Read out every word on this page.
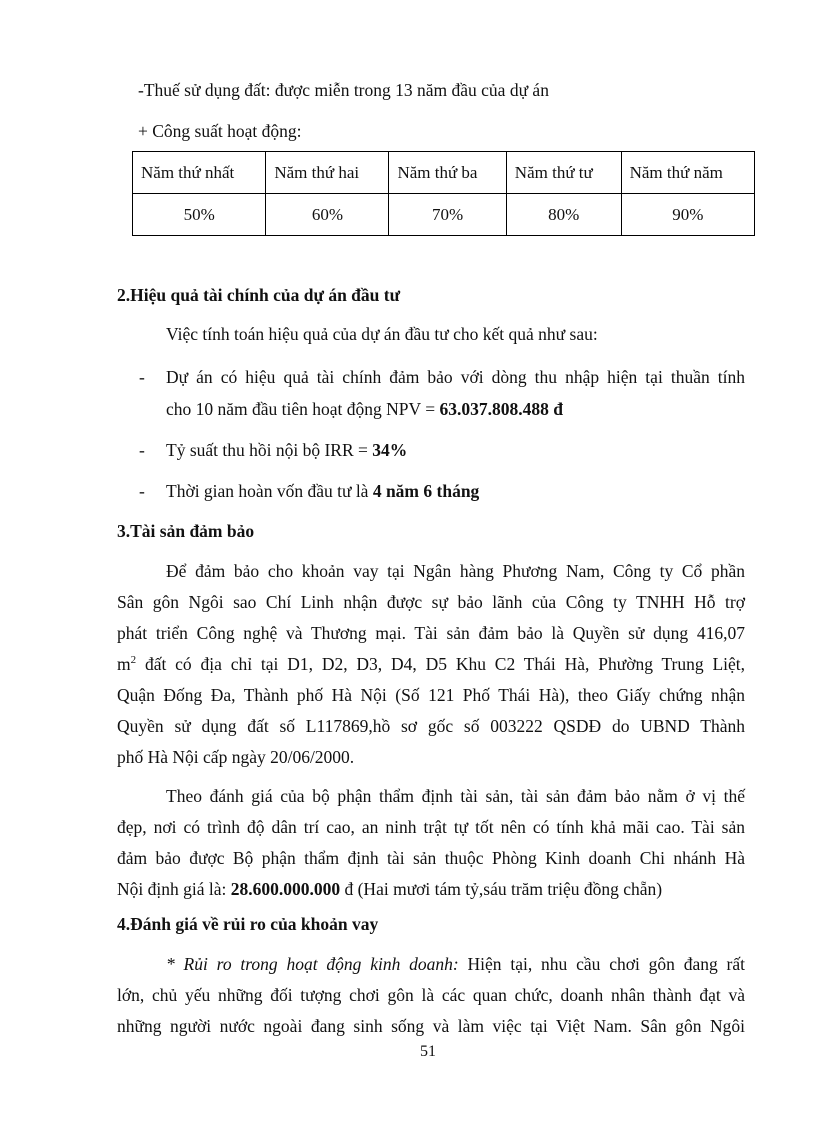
-Thuế sử dụng đất: được miễn trong 13 năm đầu của dự án
+ Công suất hoạt động:
Năm thứ nhất	Năm thứ hai	Năm thứ ba	Năm thứ tư	Năm thứ năm
50%	60%	70%	80%	90%
2.Hiệu quả tài chính của dự án đầu tư
Việc tính toán hiệu quả của dự án đầu tư cho kết quả như sau:
- Dự án có hiệu quả tài chính đảm bảo với dòng thu nhập hiện tại thuần tính
cho 10 năm đầu tiên hoạt động NPV = 63.037.808.488 đ
- Tỷ suất thu hồi nội bộ IRR = 34%
- Thời gian hoàn vốn đầu tư là 4 năm 6 tháng
3.Tài sản đảm bảo
Để đảm bảo cho khoản vay tại Ngân hàng Phương Nam, Công ty Cổ phần
Sân gôn Ngôi sao Chí Linh nhận được sự bảo lãnh của Công ty TNHH Hỗ trợ
phát triển Công nghệ và Thương mại. Tài sản đảm bảo là Quyền sử dụng 416,07
$m^2$ đất có địa chỉ tại D1, D2, D3, D4, D5 Khu C2 Thái Hà, Phường Trung Liệt,
Quận Đống Đa, Thành phố Hà Nội (Số 121 Phố Thái Hà), theo Giấy chứng nhận
Quyền sử dụng đất số L117869,hồ sơ gốc số 003222 QSDĐ do UBND Thành
phố Hà Nội cấp ngày 20/06/2000.
Theo đánh giá của bộ phận thẩm định tài sản, tài sản đảm bảo nằm ở vị thế
đẹp, nơi có trình độ dân trí cao, an ninh trật tự tốt nên có tính khả mãi cao. Tài sản
đảm bảo được Bộ phận thẩm định tài sản thuộc Phòng Kinh doanh Chi nhánh Hà
Nội định giá là: 28.600.000.000 đ (Hai mươi tám tỷ,sáu trăm triệu đồng chẵn)
4.Đánh giá về rủi ro của khoản vay
* Rủi ro trong hoạt động kinh doanh: Hiện tại, nhu cầu chơi gôn đang rất
lớn, chủ yếu những đối tượng chơi gôn là các quan chức, doanh nhân thành đạt và
những người nước ngoài đang sinh sống và làm việc tại Việt Nam. Sân gôn Ngôi
51
